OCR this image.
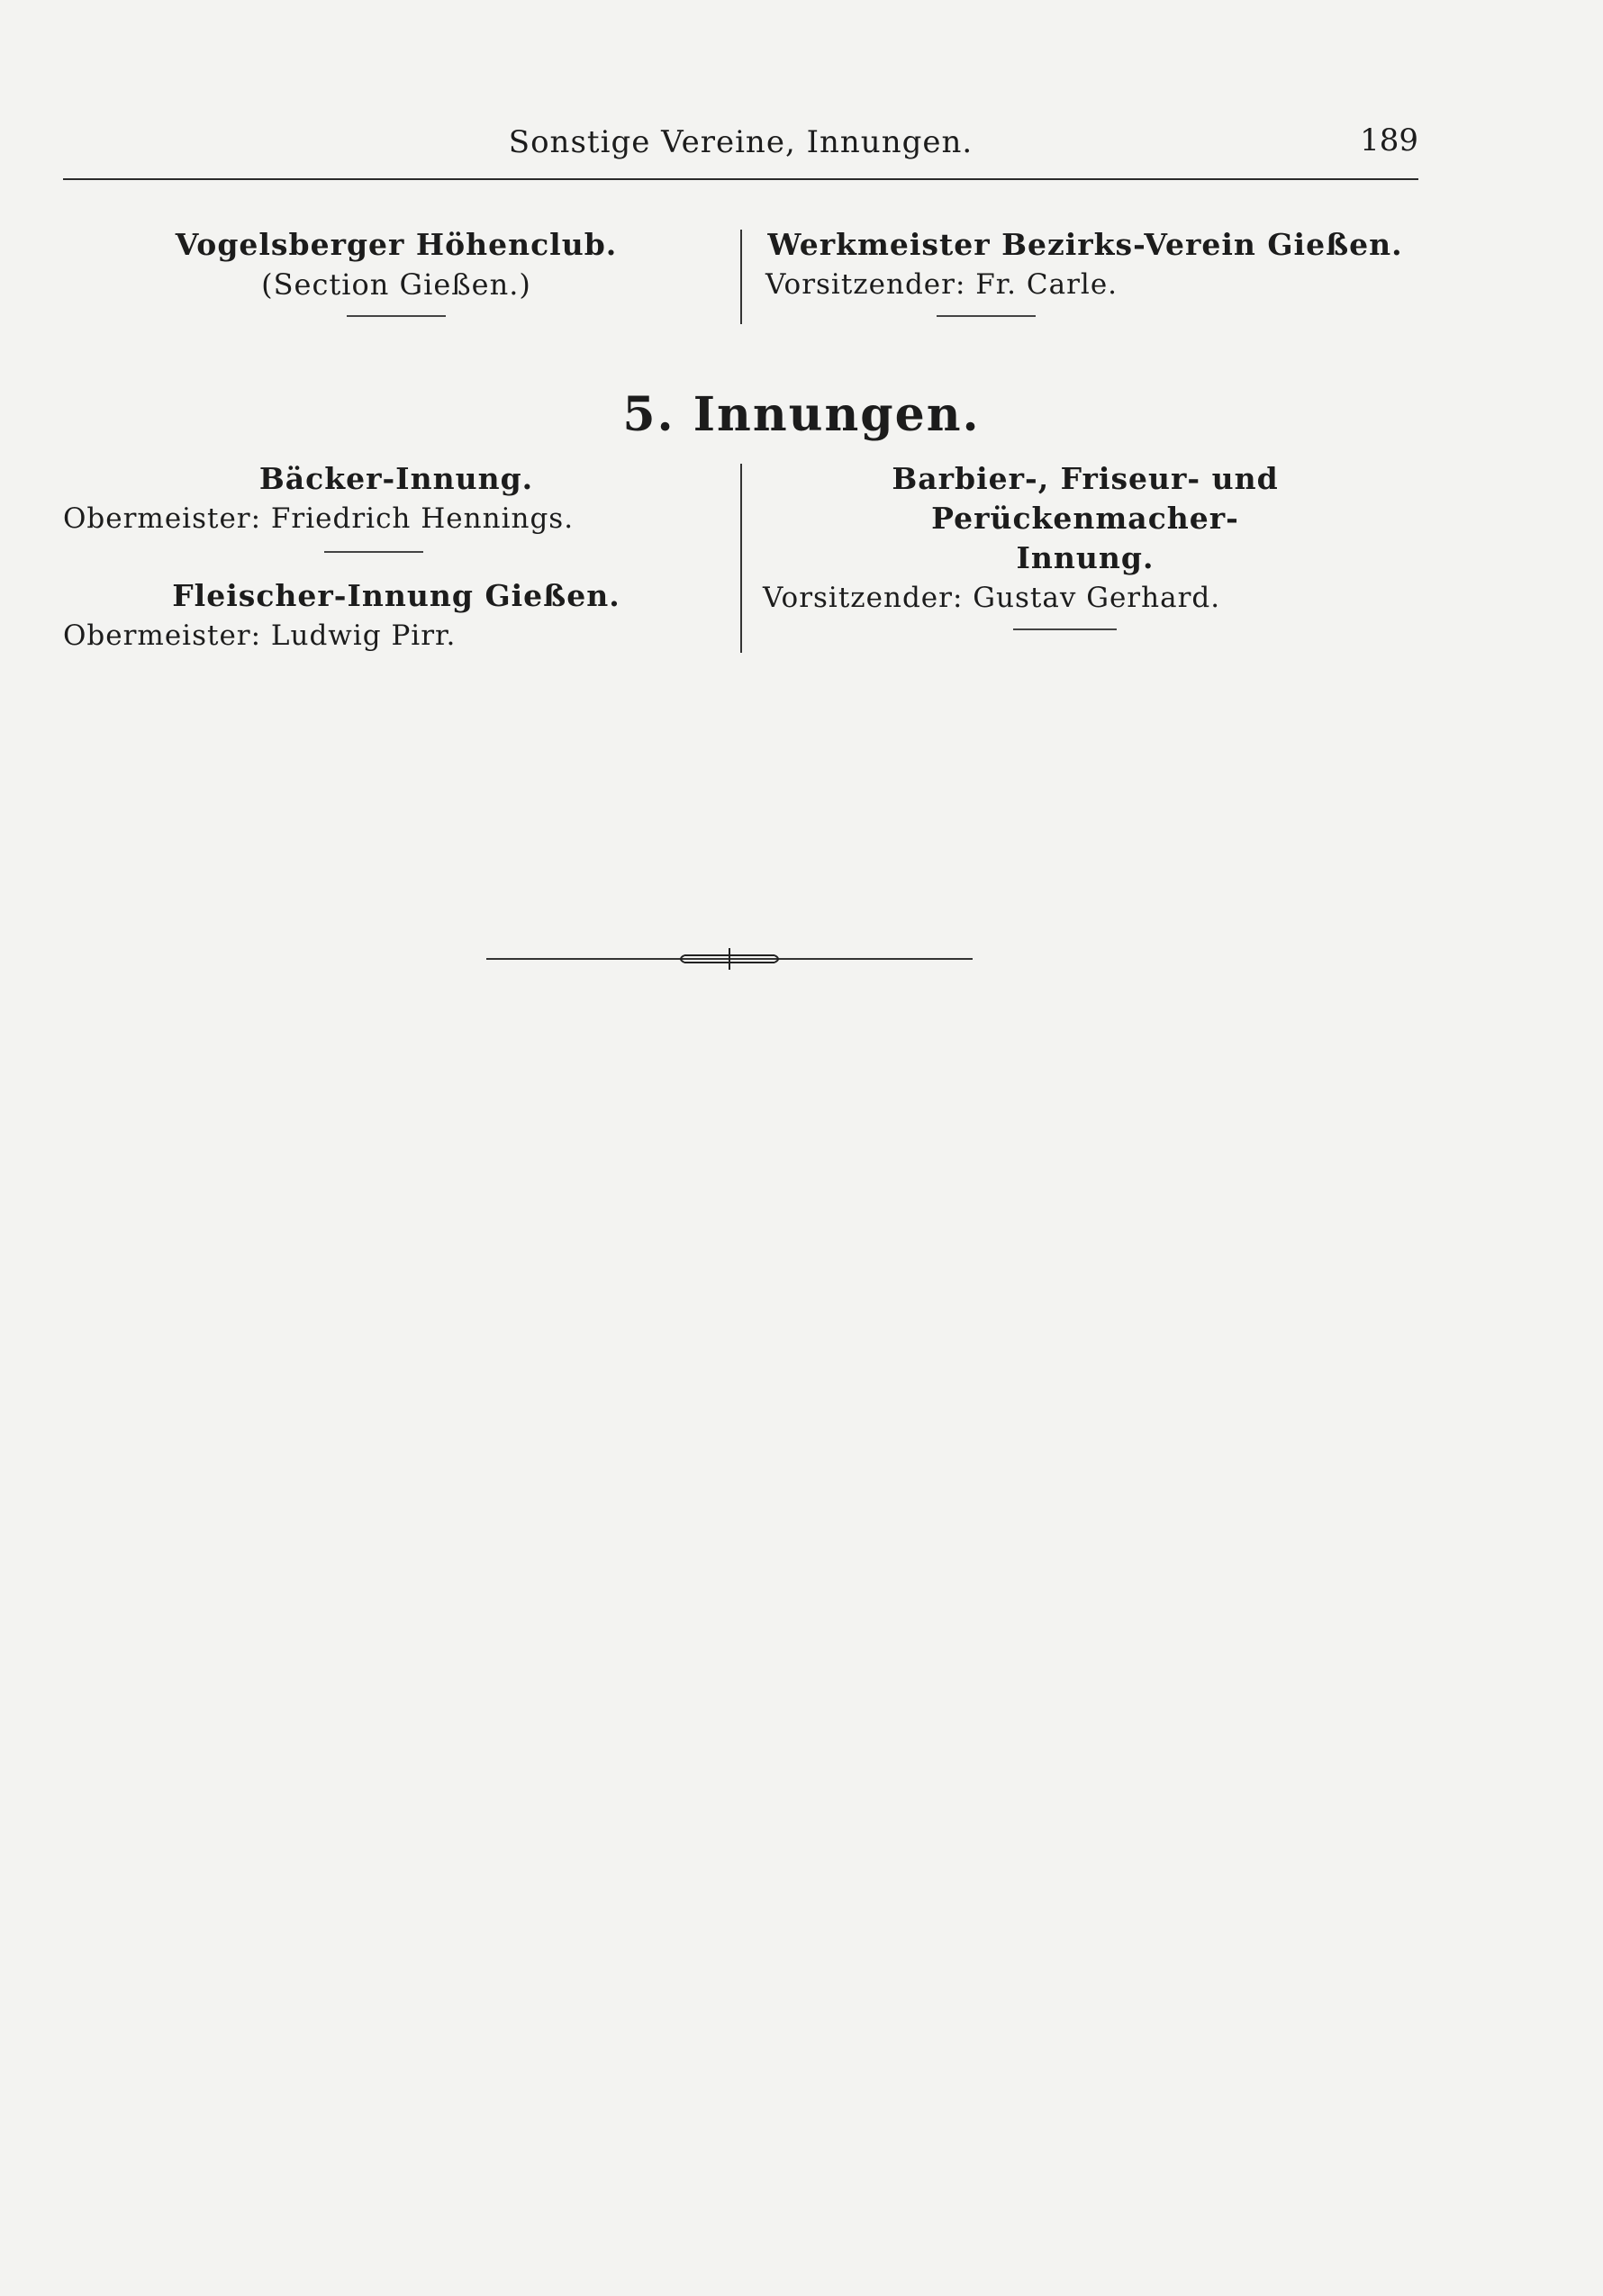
Sonstige Vereine, Innungen.	189
Vogelsberger Höhenclub.
(Section Gießen.)
Werkmeister Bezirks-Verein Gießen.
Vorsitzender: Fr. Carle.
5. Innungen.
Bäcker-Innung.
Obermeister: Friedrich Hennings.
Fleischer-Innung Gießen.
Obermeister: Ludwig Pirr.
Barbier-, Friseur- und Perückenmacher-
Innung.
Vorsitzender: Gustav Gerhard.
